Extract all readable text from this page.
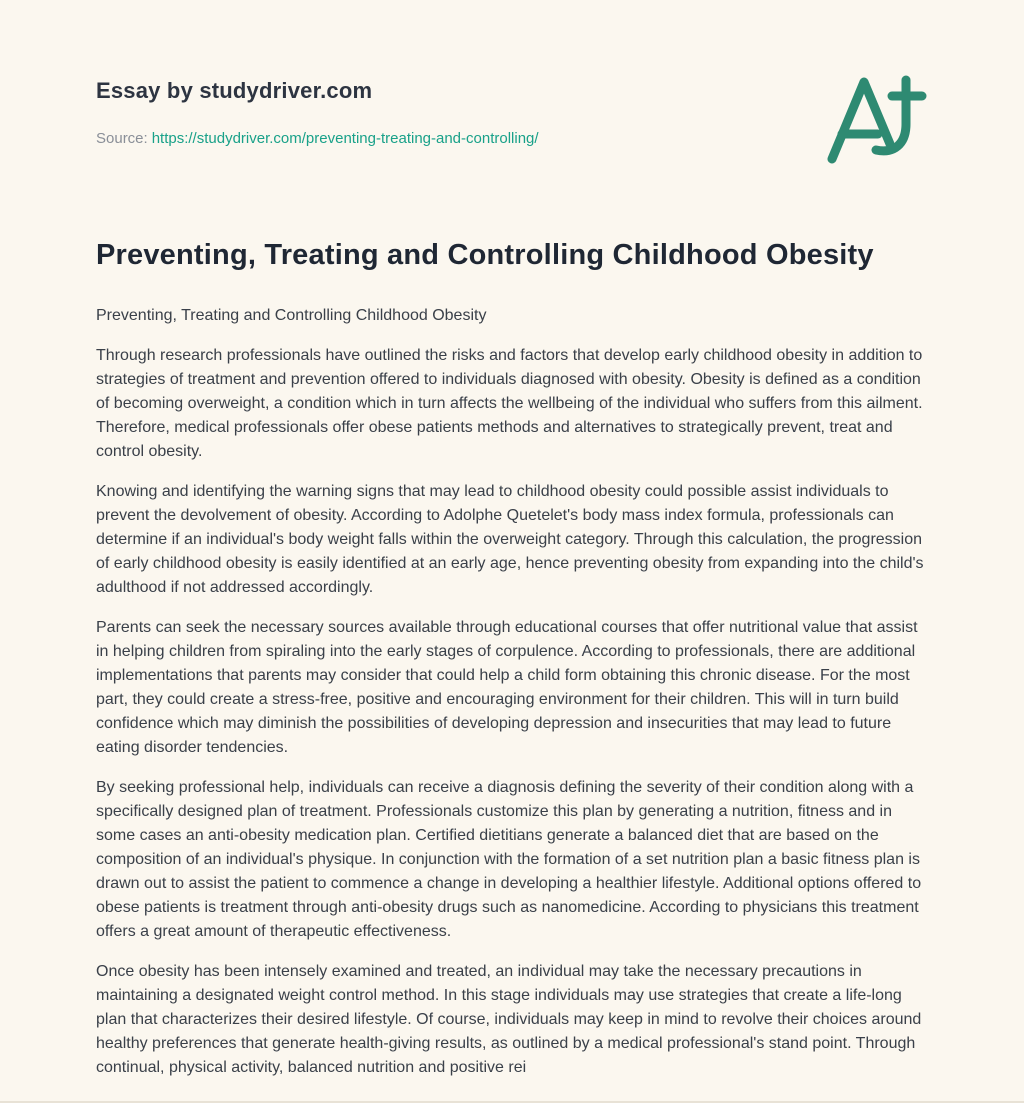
Essay by studydriver.com
Source: https://studydriver.com/preventing-treating-and-controlling/
Preventing, Treating and Controlling Childhood Obesity

Preventing, Treating and Controlling Childhood Obesity

Through research professionals have outlined the risks and factors that develop early childhood obesity in addition to strategies of treatment and prevention offered to individuals diagnosed with obesity. Obesity is defined as a condition of becoming overweight, a condition which in turn affects the wellbeing of the individual who suffers from this ailment. Therefore, medical professionals offer obese patients methods and alternatives to strategically prevent, treat and control obesity.

Knowing and identifying the warning signs that may lead to childhood obesity could possible assist individuals to prevent the devolvement of obesity. According to Adolphe Quetelet's body mass index formula, professionals can determine if an individual's body weight falls within the overweight category. Through this calculation, the progression of early childhood obesity is easily identified at an early age, hence preventing obesity from expanding into the child's adulthood if not addressed accordingly.

Parents can seek the necessary sources available through educational courses that offer nutritional value that assist in helping children from spiraling into the early stages of corpulence. According to professionals, there are additional implementations that parents may consider that could help a child form obtaining this chronic disease. For the most part, they could create a stress-free, positive and encouraging environment for their children. This will in turn build confidence which may diminish the possibilities of developing depression and insecurities that may lead to future eating disorder tendencies.

By seeking professional help, individuals can receive a diagnosis defining the severity of their condition along with a specifically designed plan of treatment. Professionals customize this plan by generating a nutrition, fitness and in some cases an anti-obesity medication plan. Certified dietitians generate a balanced diet that are based on the composition of an individual's physique. In conjunction with the formation of a set nutrition plan a basic fitness plan is drawn out to assist the patient to commence a change in developing a healthier lifestyle. Additional options offered to obese patients is treatment through anti-obesity drugs such as nanomedicine. According to physicians this treatment offers a great amount of therapeutic effectiveness.

Once obesity has been intensely examined and treated, an individual may take the necessary precautions in maintaining a designated weight control method. In this stage individuals may use strategies that create a life-long plan that characterizes their desired lifestyle. Of course, individuals may keep in mind to revolve their choices around healthy preferences that generate health-giving results, as outlined by a medical professional's stand point. Through continual, physical activity, balanced nutrition and positive rei
